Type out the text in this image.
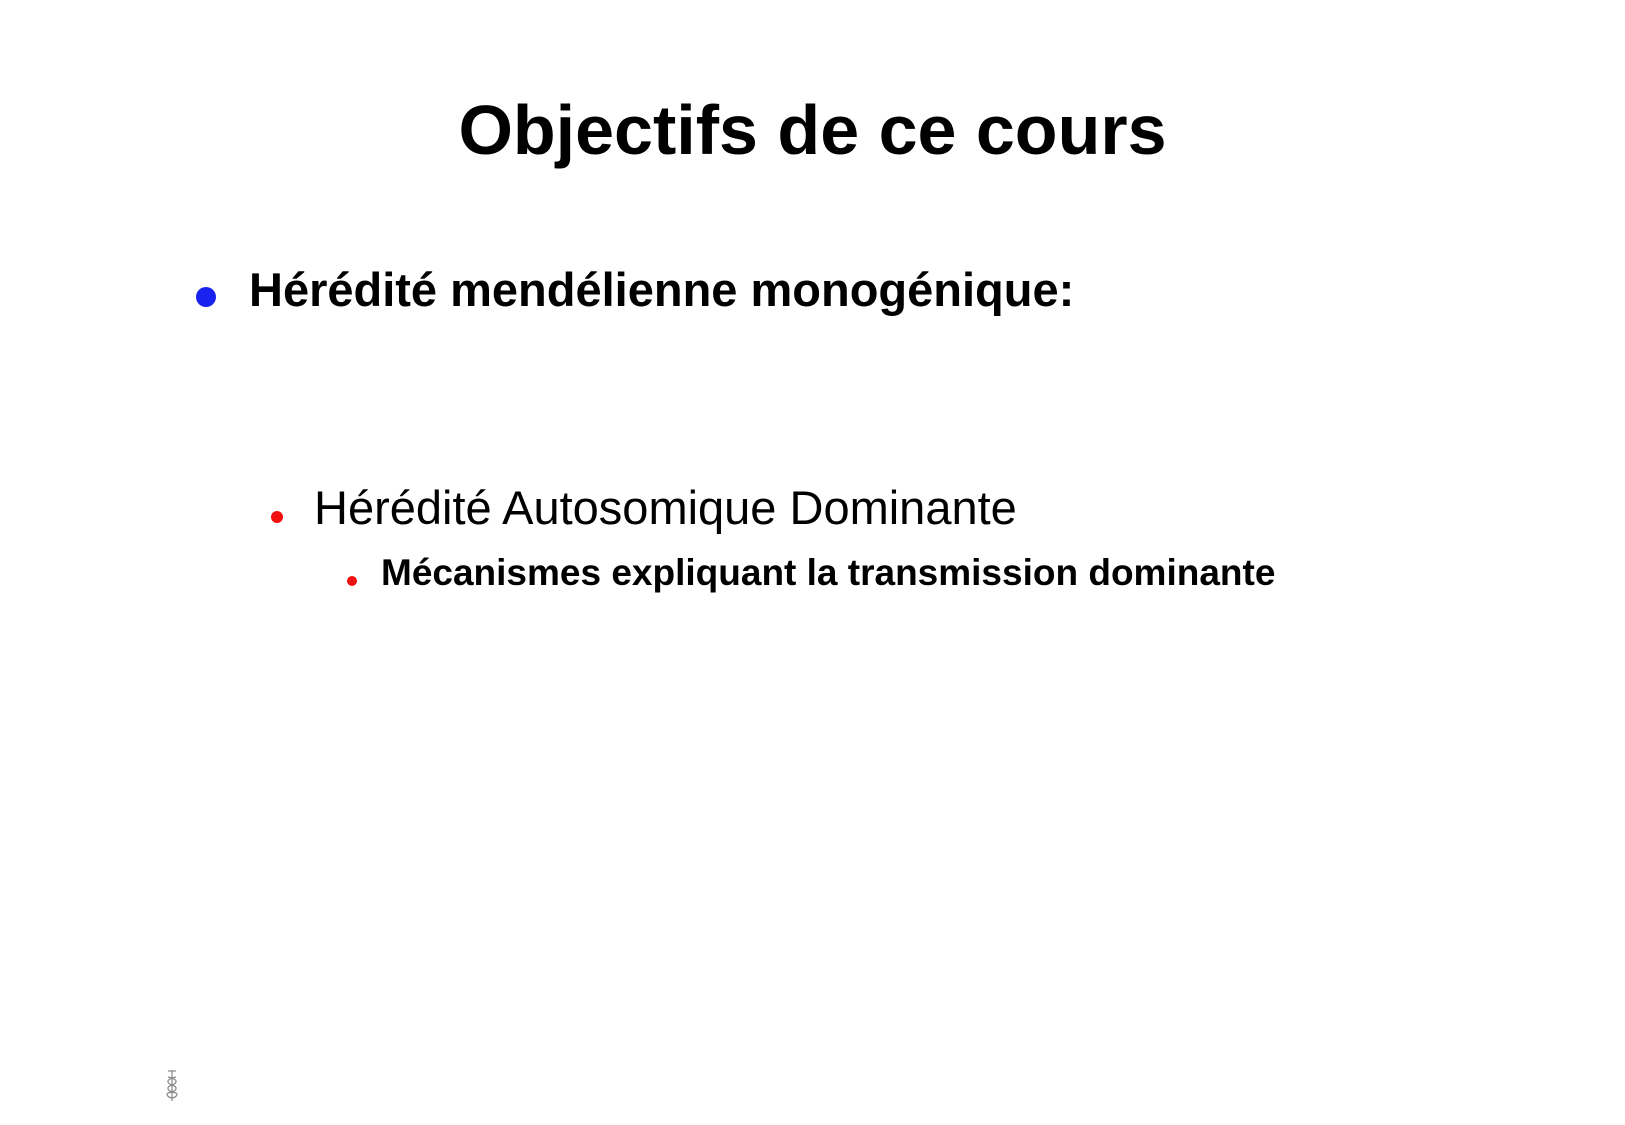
Objectifs de ce cours
Hérédité mendélienne monogénique:
Hérédité Autosomique Dominante
Mécanismes expliquant la transmission dominante
